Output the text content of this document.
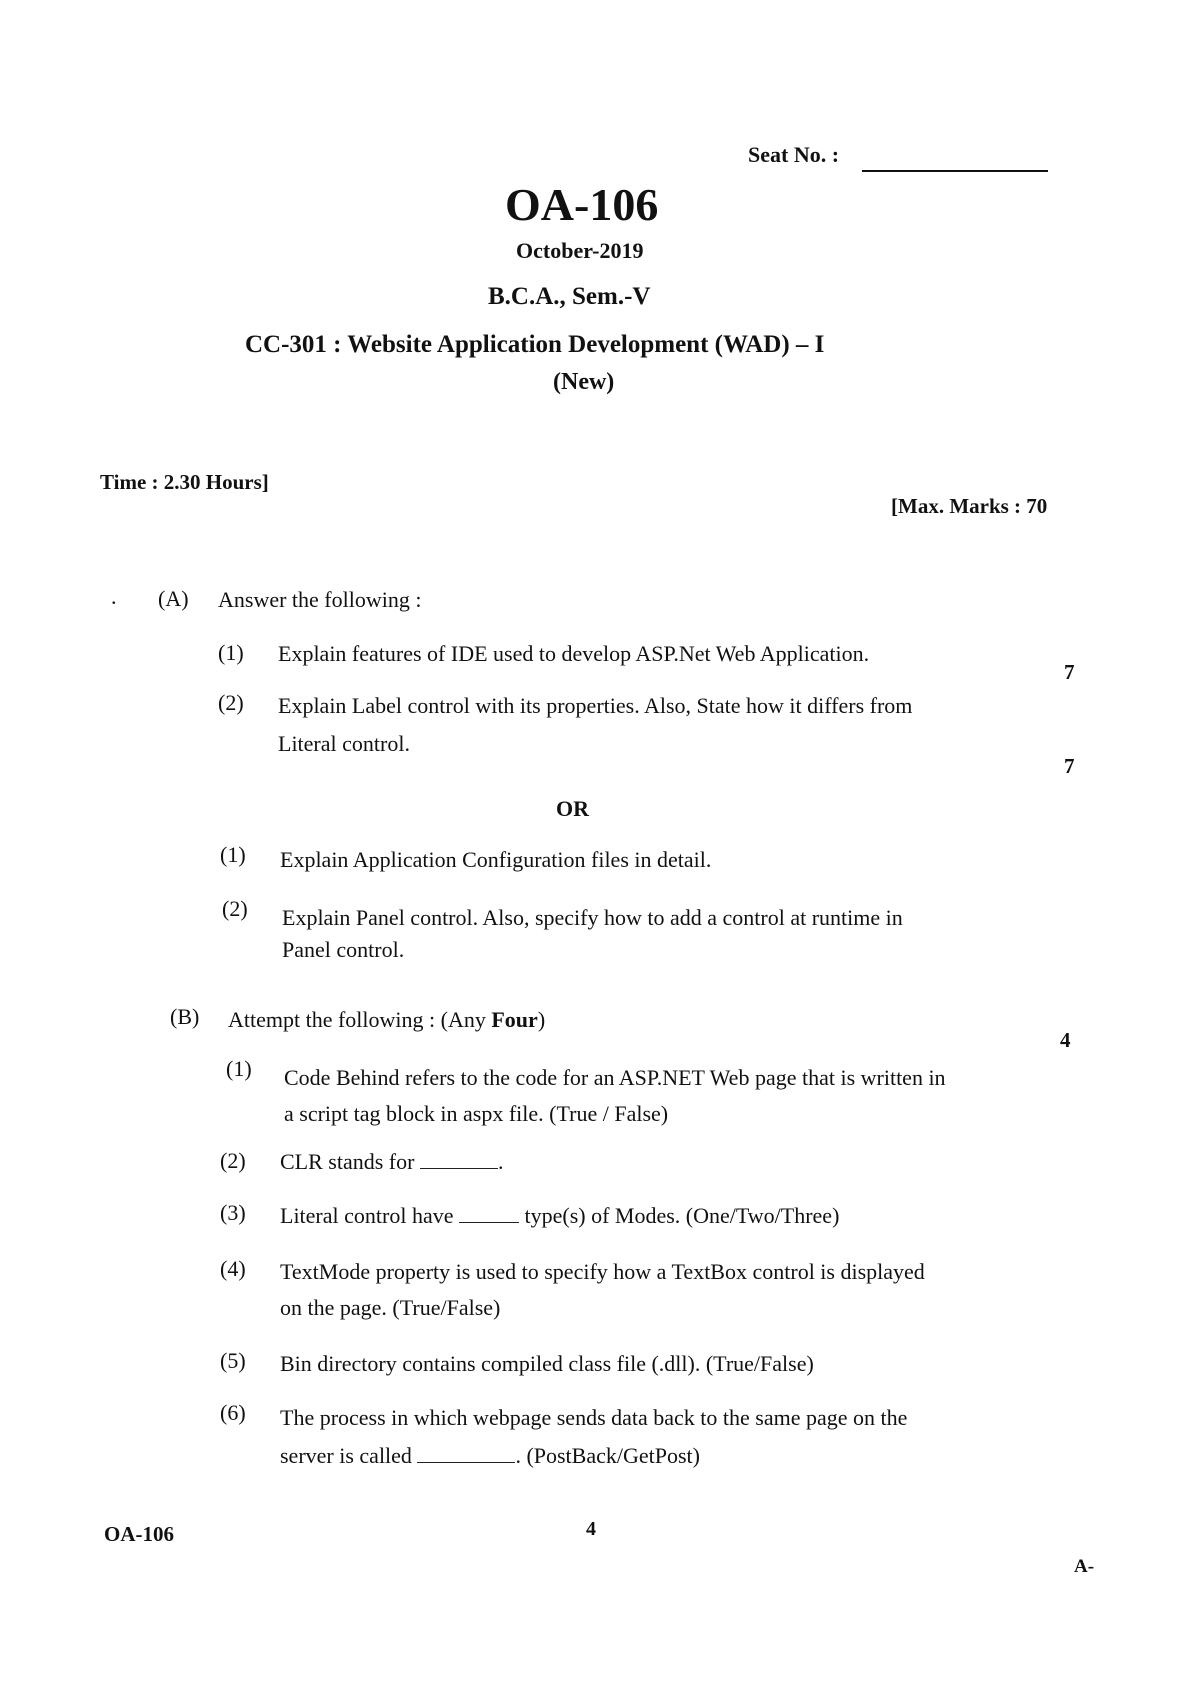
Seat No. :
OA-106
October-2019
B.C.A., Sem.-V
CC-301 : Website Application Development (WAD) – I
(New)
Time : 2.30 Hours]
[Max. Marks : 70
. (A) Answer the following :
(1) Explain features of IDE used to develop ASP.Net Web Application.
7
(2) Explain Label control with its properties. Also, State how it differs from
Literal control.
7
OR
(1) Explain Application Configuration files in detail.
(2) Explain Panel control. Also, specify how to add a control at runtime in
Panel control.
(B) Attempt the following : (Any Four)
4
(1) Code Behind refers to the code for an ASP.NET Web page that is written in
a script tag block in aspx file. (True / False)
(2) CLR stands for	.
(3) Literal control have	type(s) of Modes. (One/Two/Three)
(4) TextMode property is used to specify how a TextBox control is displayed
on the page. (True/False)
(5) Bin directory contains compiled class file (.dll). (True/False)
(6) The process in which webpage sends data back to the same page on the
server is called	. (PostBack/GetPost)
OA-106	4
A-
